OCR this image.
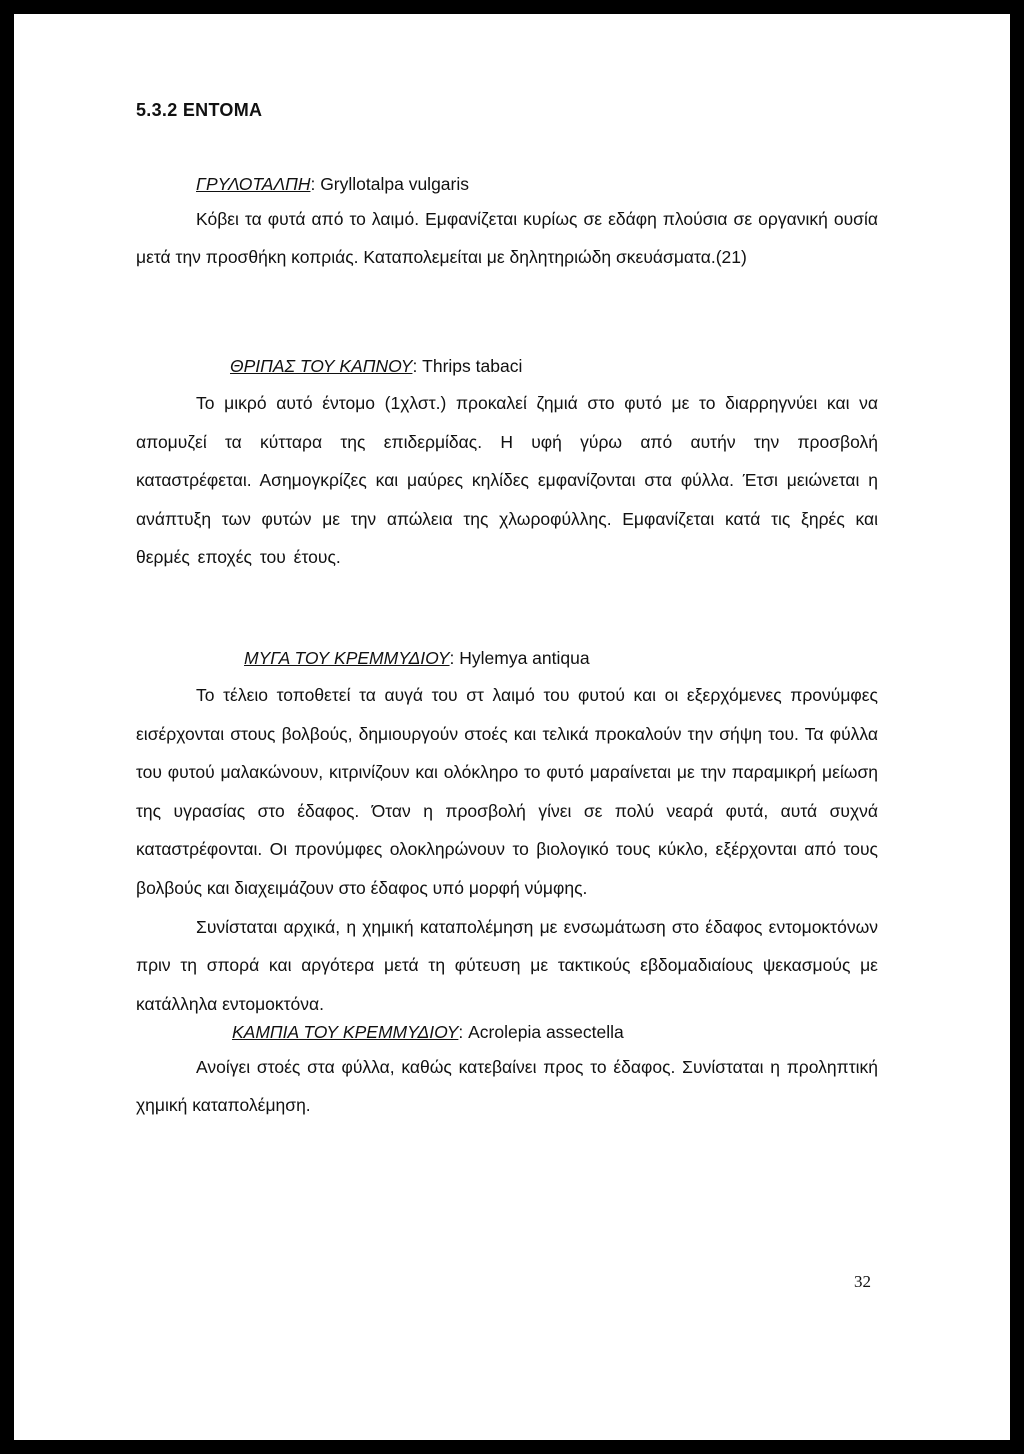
5.3.2 ΕΝΤΟΜΑ

ΓΡΥΛΟΤΑΛΠΗ: Gryllotalpa vulgaris

Κόβει τα φυτά από το λαιμό. Εμφανίζεται κυρίως σε εδάφη πλούσια σε οργανική ουσία μετά την προσθήκη κοπριάς. Καταπολεμείται με δηλητηριώδη σκευάσματα.(21)

ΘΡΙΠΑΣ ΤΟΥ ΚΑΠΝΟΥ: Thrips tabaci

Το μικρό αυτό έντομο (1χλστ.) προκαλεί ζημιά στο φυτό με το διαρρηγνύει και να απομυζεί τα κύτταρα της επιδερμίδας. Η υφή γύρω από αυτήν την προσβολή καταστρέφεται. Ασημογκρίζες και μαύρες κηλίδες εμφανίζονται στα φύλλα. Έτσι μειώνεται η ανάπτυξη των φυτών με την απώλεια της χλωροφύλλης. Εμφανίζεται κατά τις ξηρές και θερμές εποχές του έτους.

ΜΥΓΑ ΤΟΥ ΚΡΕΜΜΥΔΙΟΥ: Hylemya antiqua

Το τέλειο τοποθετεί τα αυγά του στ λαιμό του φυτού και οι εξερχόμενες προνύμφες εισέρχονται στους βολβούς, δημιουργούν στοές και τελικά προκαλούν την σήψη του. Τα φύλλα του φυτού μαλακώνουν, κιτρινίζουν και ολόκληρο το φυτό μαραίνεται με την παραμικρή μείωση της υγρασίας στο έδαφος. Όταν η προσβολή γίνει σε πολύ νεαρά φυτά, αυτά συχνά καταστρέφονται. Οι προνύμφες ολοκληρώνουν το βιολογικό τους κύκλο, εξέρχονται από τους βολβούς και διαχειμάζουν στο έδαφος υπό μορφή νύμφης.

Συνίσταται αρχικά, η χημική καταπολέμηση με ενσωμάτωση στο έδαφος εντομοκτόνων πριν τη σπορά και αργότερα μετά τη φύτευση με τακτικούς εβδομαδιαίους ψεκασμούς με κατάλληλα εντομοκτόνα.

ΚΑΜΠΙΑ ΤΟΥ ΚΡΕΜΜΥΔΙΟΥ: Acrolepia assectella

Ανοίγει στοές στα φύλλα, καθώς κατεβαίνει προς το έδαφος. Συνίσταται η προληπτική χημική καταπολέμηση.

32
